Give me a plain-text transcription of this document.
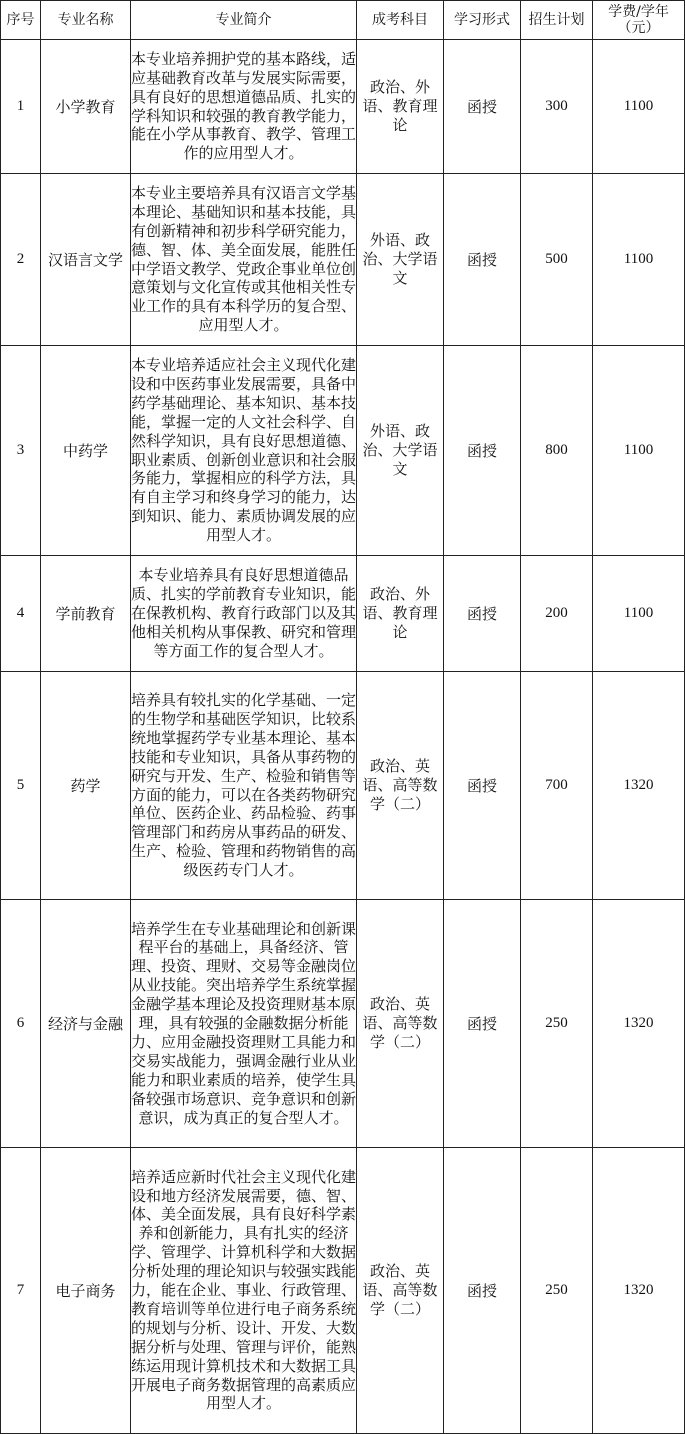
序号	专业名称	专业简介	成考科目	学习形式	招生计划	学费/学年（元）
1	小学教育	本专业培养拥护党的基本路线，适应基础教育改革与发展实际需要，具有良好的思想道德品质、扎实的学科知识和较强的教育教学能力，能在小学从事教育、教学、管理工作的应用型人才。	政治、外语、教育理论	函授	300	1100
2	汉语言文学	本专业主要培养具有汉语言文学基本理论、基础知识和基本技能，具有创新精神和初步科学研究能力，德、智、体、美全面发展，能胜任中学语文教学、党政企事业单位创意策划与文化宣传或其他相关性专业工作的具有本科学历的复合型、应用型人才。	外语、政治、大学语文	函授	500	1100
3	中药学	本专业培养适应社会主义现代化建设和中医药事业发展需要，具备中药学基础理论、基本知识、基本技能，掌握一定的人文社会科学、自然科学知识，具有良好思想道德、职业素质、创新创业意识和社会服务能力，掌握相应的科学方法，具有自主学习和终身学习的能力，达到知识、能力、素质协调发展的应用型人才。	外语、政治、大学语文	函授	800	1100
4	学前教育	本专业培养具有良好思想道德品质、扎实的学前教育专业知识，能在保教机构、教育行政部门以及其他相关机构从事保教、研究和管理等方面工作的复合型人才。	政治、外语、教育理论	函授	200	1100
5	药学	培养具有较扎实的化学基础、一定的生物学和基础医学知识，比较系统地掌握药学专业基本理论、基本技能和专业知识，具备从事药物的研究与开发、生产、检验和销售等方面的能力，可以在各类药物研究单位、医药企业、药品检验、药事管理部门和药房从事药品的研发、生产、检验、管理和药物销售的高级医药专门人才。	政治、英语、高等数学（二）	函授	700	1320
6	经济与金融	培养学生在专业基础理论和创新课程平台的基础上，具备经济、管理、投资、理财、交易等金融岗位从业技能。突出培养学生系统掌握金融学基本理论及投资理财基本原理，具有较强的金融数据分析能力、应用金融投资理财工具能力和交易实战能力，强调金融行业从业能力和职业素质的培养，使学生具备较强市场意识、竞争意识和创新意识，成为真正的复合型人才。	政治、英语、高等数学（二）	函授	250	1320
7	电子商务	培养适应新时代社会主义现代化建设和地方经济发展需要，德、智、体、美全面发展，具有良好科学素养和创新能力，具有扎实的经济学、管理学、计算机科学和大数据分析处理的理论知识与较强实践能力，能在企业、事业、行政管理、教育培训等单位进行电子商务系统的规划与分析、设计、开发、大数据分析与处理、管理与评价，能熟练运用现计算机技术和大数据工具开展电子商务数据管理的高素质应用型人才。	政治、英语、高等数学（二）	函授	250	1320
